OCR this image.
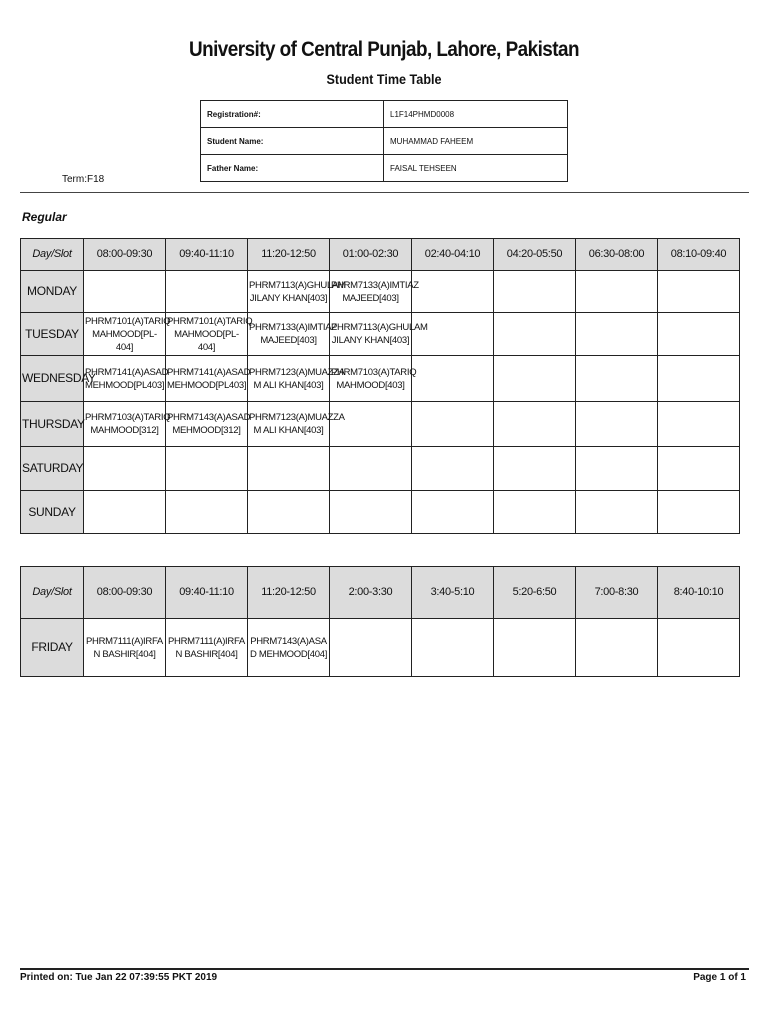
University of Central Punjab, Lahore, Pakistan
Student Time Table
Registration#:	L1F14PHMD0008
Student Name:	MUHAMMAD FAHEEM
Father Name:	FAISAL TEHSEEN
Term:F18
Regular
Day/Slot	08:00-09:30	09:40-11:10	11:20-12:50	01:00-02:30	02:40-04:10	04:20-05:50	06:30-08:00	08:10-09:40
MONDAY			PHRM7113(A)GHULAM JILANY KHAN[403]	PHRM7133(A)IMTIAZ MAJEED[403]				
TUESDAY	PHRM7101(A)TARIQ MAHMOOD[PL-404]	PHRM7101(A)TARIQ MAHMOOD[PL-404]	PHRM7133(A)IMTIAZ MAJEED[403]	PHRM7113(A)GHULAM JILANY KHAN[403]				
WEDNESDAY	PHRM7141(A)ASAD MEHMOOD[PL403]	PHRM7141(A)ASAD MEHMOOD[PL403]	PHRM7123(A)MUAZZA M ALI KHAN[403]	PHRM7103(A)TARIQ MAHMOOD[403]				
THURSDAY	PHRM7103(A)TARIQ MAHMOOD[312]	PHRM7143(A)ASAD MEHMOOD[312]	PHRM7123(A)MUAZZA M ALI KHAN[403]					
SATURDAY								
SUNDAY								
Day/Slot	08:00-09:30	09:40-11:10	11:20-12:50	2:00-3:30	3:40-5:10	5:20-6:50	7:00-8:30	8:40-10:10
FRIDAY	PHRM7111(A)IRFA N BASHIR[404]	PHRM7111(A)IRFA N BASHIR[404]	PHRM7143(A)ASA D MEHMOOD[404]					
Printed on: Tue Jan 22 07:39:55 PKT 2019	Page 1 of 1
